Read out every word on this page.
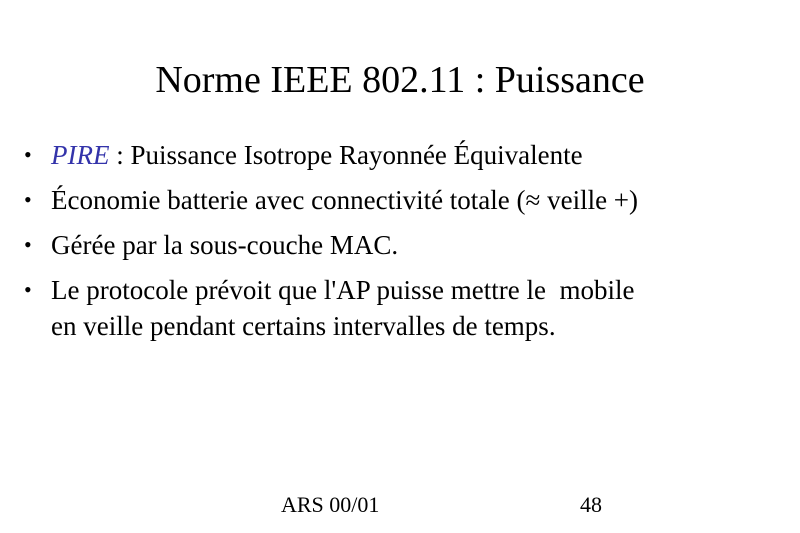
Norme IEEE 802.11 : Puissance
• PIRE : Puissance Isotrope Rayonnée Équivalente
• Économie batterie avec connectivité totale (≈ veille +)
• Gérée par la sous-couche MAC.
• Le protocole prévoit que l'AP puisse mettre le  mobile
en veille pendant certains intervalles de temps.
ARS 00/01	48
